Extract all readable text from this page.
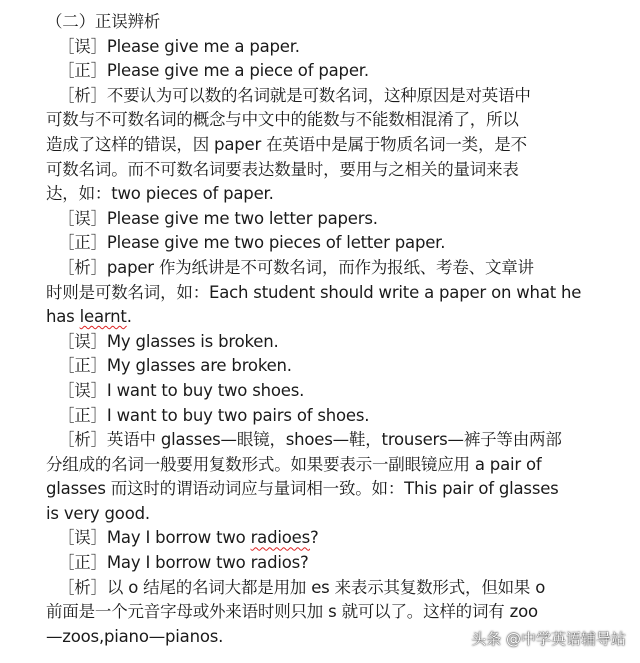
（二）正误辨析
［误］Please give me a paper.
［正］Please give me a piece of paper.
［析］不要认为可以数的名词就是可数名词，这种原因是对英语中
可数与不可数名词的概念与中文中的能数与不能数相混淆了，所以
造成了这样的错误，因 paper 在英语中是属于物质名词一类，是不
可数名词。而不可数名词要表达数量时，要用与之相关的量词来表
达，如：two pieces of paper.
［误］Please give me two letter papers.
［正］Please give me two pieces of letter paper.
［析］paper 作为纸讲是不可数名词，而作为报纸、考卷、文章讲
时则是可数名词，如：Each student should write a paper on what he
has learnt.
［误］My glasses is broken.
［正］My glasses are broken.
［误］I want to buy two shoes.
［正］I want to buy two pairs of shoes.
［析］英语中 glasses—眼镜，shoes—鞋，trousers—裤子等由两部
分组成的名词一般要用复数形式。如果要表示一副眼镜应用 a pair of
glasses 而这时的谓语动词应与量词相一致。如：This pair of glasses
is very good.
［误］May I borrow two radioes?
［正］May I borrow two radios?
［析］以 o 结尾的名词大都是用加 es 来表示其复数形式，但如果 o
前面是一个元音字母或外来语时则只加 s 就可以了。这样的词有 zoo
—zoos,piano—pianos.	头条 @中学英语辅导站
